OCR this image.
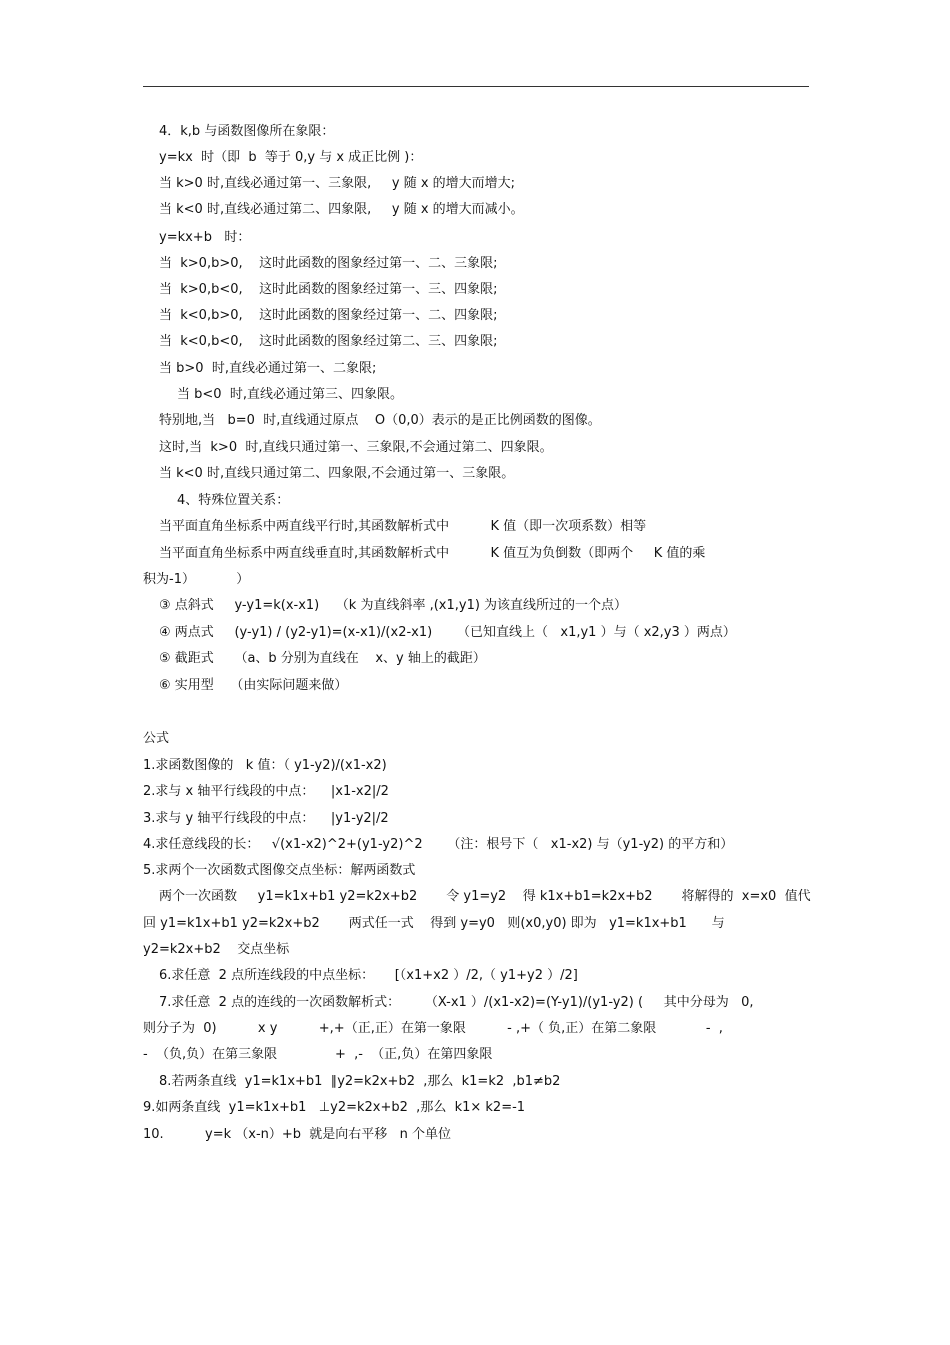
4．k,b 与函数图像所在象限：
y=kx  时（即  b  等于 0,y 与 x 成正比例 )：
当 k>0 时,直线必通过第一、三象限,     y 随 x 的增大而增大;
当 k<0 时,直线必通过第二、四象限,     y 随 x 的增大而减小。
y=kx+b   时：
当  k>0,b>0,    这时此函数的图象经过第一、二、三象限;
当  k>0,b<0,    这时此函数的图象经过第一、三、四象限;
当  k<0,b>0,    这时此函数的图象经过第一、二、四象限;
当  k<0,b<0,    这时此函数的图象经过第二、三、四象限;
当 b>0  时,直线必通过第一、二象限;
当 b<0  时,直线必通过第三、四象限。
特别地,当   b=0  时,直线通过原点    O（0,0）表示的是正比例函数的图像。
这时,当  k>0  时,直线只通过第一、三象限,不会通过第二、四象限。
当 k<0 时,直线只通过第二、四象限,不会通过第一、三象限。
4、特殊位置关系：
当平面直角坐标系中两直线平行时,其函数解析式中          K 值（即一次项系数）相等
当平面直角坐标系中两直线垂直时,其函数解析式中          K 值互为负倒数（即两个     K 值的乘
积为-1）          ）
③ 点斜式     y-y1=k(x-x1)    （k 为直线斜率 ,(x1,y1) 为该直线所过的一个点）
④ 两点式     (y-y1) / (y2-y1)=(x-x1)/(x2-x1)      （已知直线上（   x1,y1 ）与（ x2,y3 ）两点）
⑤ 截距式     （a、b 分别为直线在    x、y 轴上的截距）
⑥ 实用型    （由实际问题来做）
公式
1.求函数图像的   k 值：（ y1-y2)/(x1-x2)
2.求与 x 轴平行线段的中点：    |x1-x2|/2
3.求与 y 轴平行线段的中点：    |y1-y2|/2
4.求任意线段的长：   √(x1-x2)^2+(y1-y2)^2      （注：根号下（   x1-x2) 与（y1-y2) 的平方和）
5.求两个一次函数式图像交点坐标：解两函数式
两个一次函数     y1=k1x+b1 y2=k2x+b2       令 y1=y2    得 k1x+b1=k2x+b2       将解得的  x=x0  值代
回 y1=k1x+b1 y2=k2x+b2       两式任一式    得到 y=y0   则(x0,y0) 即为   y1=k1x+b1      与
y2=k2x+b2    交点坐标
6.求任意  2 点所连线段的中点坐标：     [（x1+x2 ）/2,（ y1+y2 ）/2]
7.求任意  2 点的连线的一次函数解析式：      （X-x1 ）/(x1-x2)=(Y-y1)/(y1-y2) (     其中分母为   0,
则分子为  0)          x y          +,+（正,正）在第一象限          - ,+（ 负,正）在第二象限            -  ,
-  （负,负）在第三象限              +  ,-  （正,负）在第四象限
8.若两条直线  y1=k1x+b1  ∥y2=k2x+b2  ,那么  k1=k2  ,b1≠b2
9.如两条直线  y1=k1x+b1   ⊥y2=k2x+b2  ,那么  k1× k2=-1
10.          y=k （x-n）+b  就是向右平移   n 个单位
